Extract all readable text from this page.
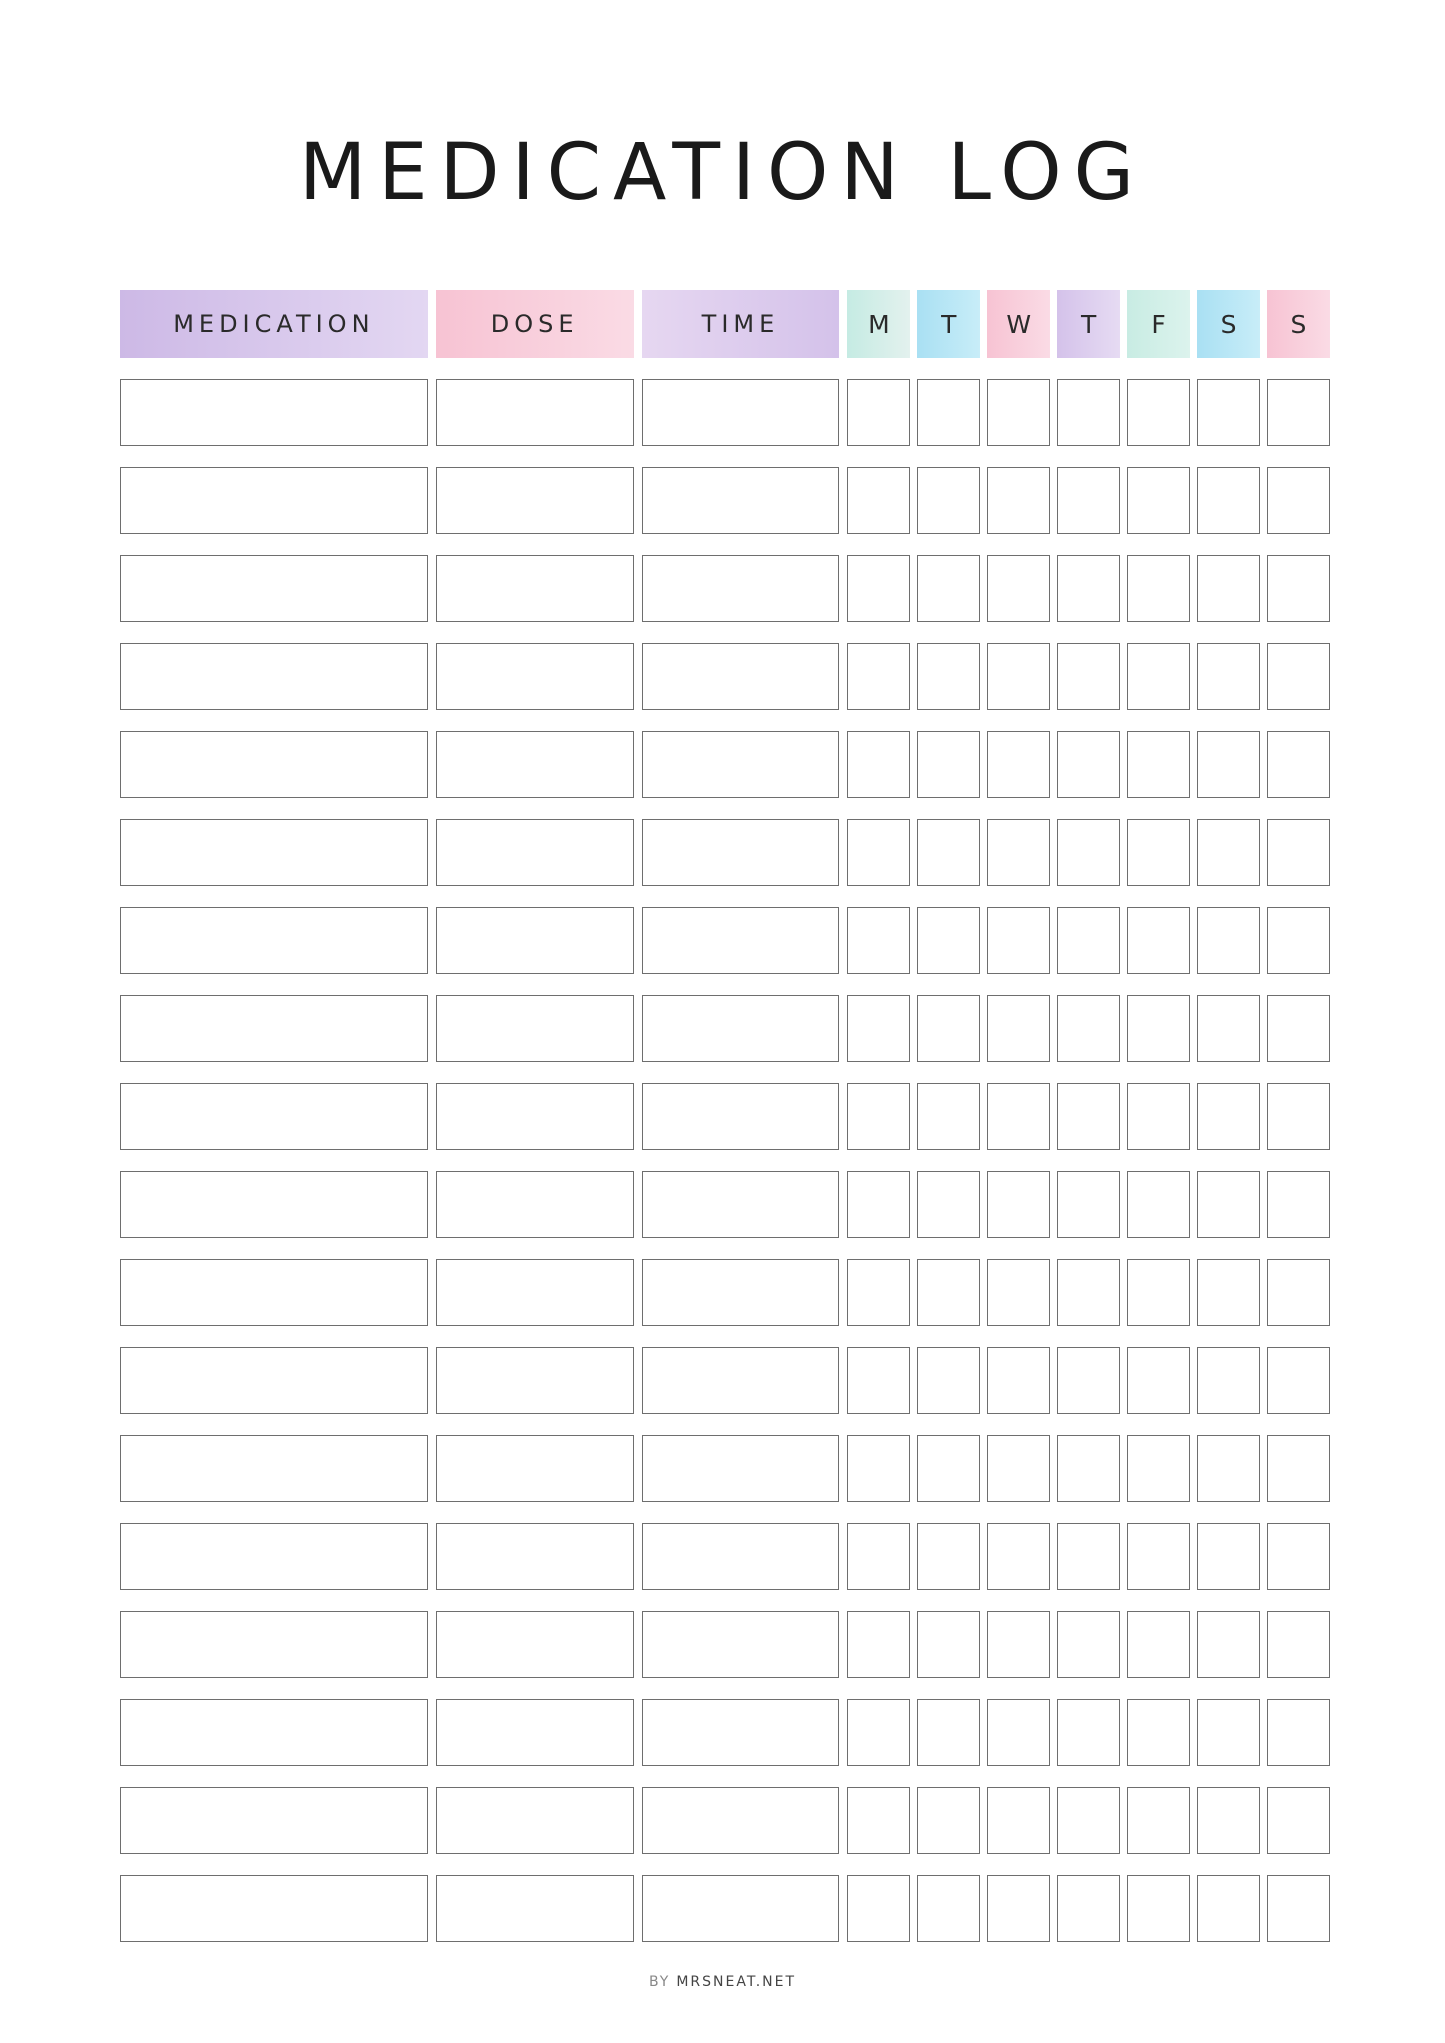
MEDICATION LOG
MEDICATION	DOSE	TIME	M	T	W	T	F	S	S
BY MRSNEAT.NET
